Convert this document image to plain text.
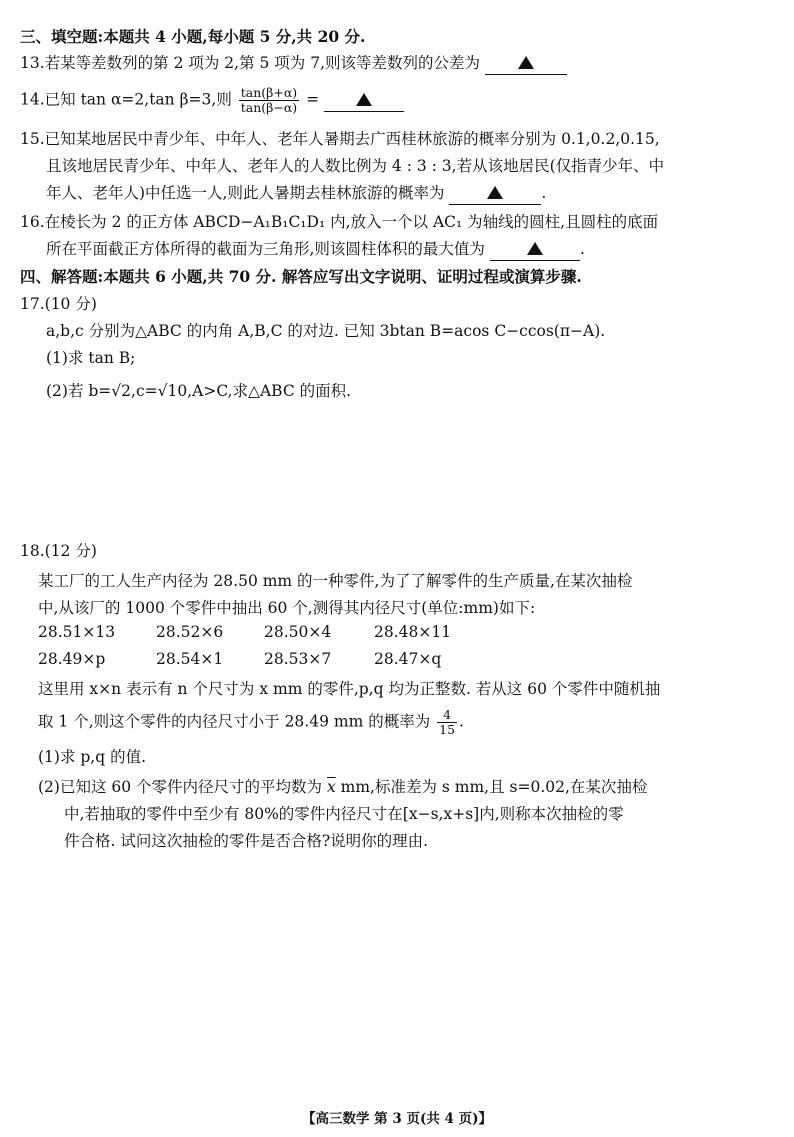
三、填空题:本题共 4 小题,每小题 5 分,共 20 分.
13.若某等差数列的第 2 项为 2,第 5 项为 7,则该等差数列的公差为
14.已知 tan α=2,tan β=3,则 $\frac{\tan(\beta+\alpha)}{\tan(\beta-\alpha)}$ =
15.已知某地居民中青少年、中年人、老年人暑期去广西桂林旅游的概率分别为 0.1,0.2,0.15,
且该地居民青少年、中年人、老年人的人数比例为 4 : 3 : 3,若从该地居民(仅指青少年、中
年人、老年人)中任选一人,则此人暑期去桂林旅游的概率为	.
16.在棱长为 2 的正方体 ABCD−A₁B₁C₁D₁ 内,放入一个以 AC₁ 为轴线的圆柱,且圆柱的底面
所在平面截正方体所得的截面为三角形,则该圆柱体积的最大值为	.
四、解答题:本题共 6 小题,共 70 分. 解答应写出文字说明、证明过程或演算步骤.
17.(10 分)
a,b,c 分别为△ABC 的内角 A,B,C 的对边. 已知 3btan B=acos C−ccos(π−A).
(1)求 tan B;
(2)若 b=√2,c=√10,A>C,求△ABC 的面积.
18.(12 分)
某工厂的工人生产内径为 28.50 mm 的一种零件,为了了解零件的生产质量,在某次抽检
中,从该厂的 1000 个零件中抽出 60 个,测得其内径尺寸(单位:mm)如下:
28.51×13	28.52×6	28.50×4	28.48×11
28.49×p	28.54×1	28.53×7	28.47×q
这里用 x×n 表示有 n 个尺寸为 x mm 的零件,p,q 均为正整数. 若从这 60 个零件中随机抽
取 1 个,则这个零件的内径尺寸小于 28.49 mm 的概率为 $\frac{4}{15}$ .
(1)求 p,q 的值.
(2)已知这 60 个零件内径尺寸的平均数为 $\overline{x}$ mm,标准差为 s mm,且 s=0.02,在某次抽检
中,若抽取的零件中至少有 80%的零件内径尺寸在[x−s,x+s]内,则称本次抽检的零
件合格. 试问这次抽检的零件是否合格?说明你的理由.
【高三数学 第 3 页(共 4 页)】
